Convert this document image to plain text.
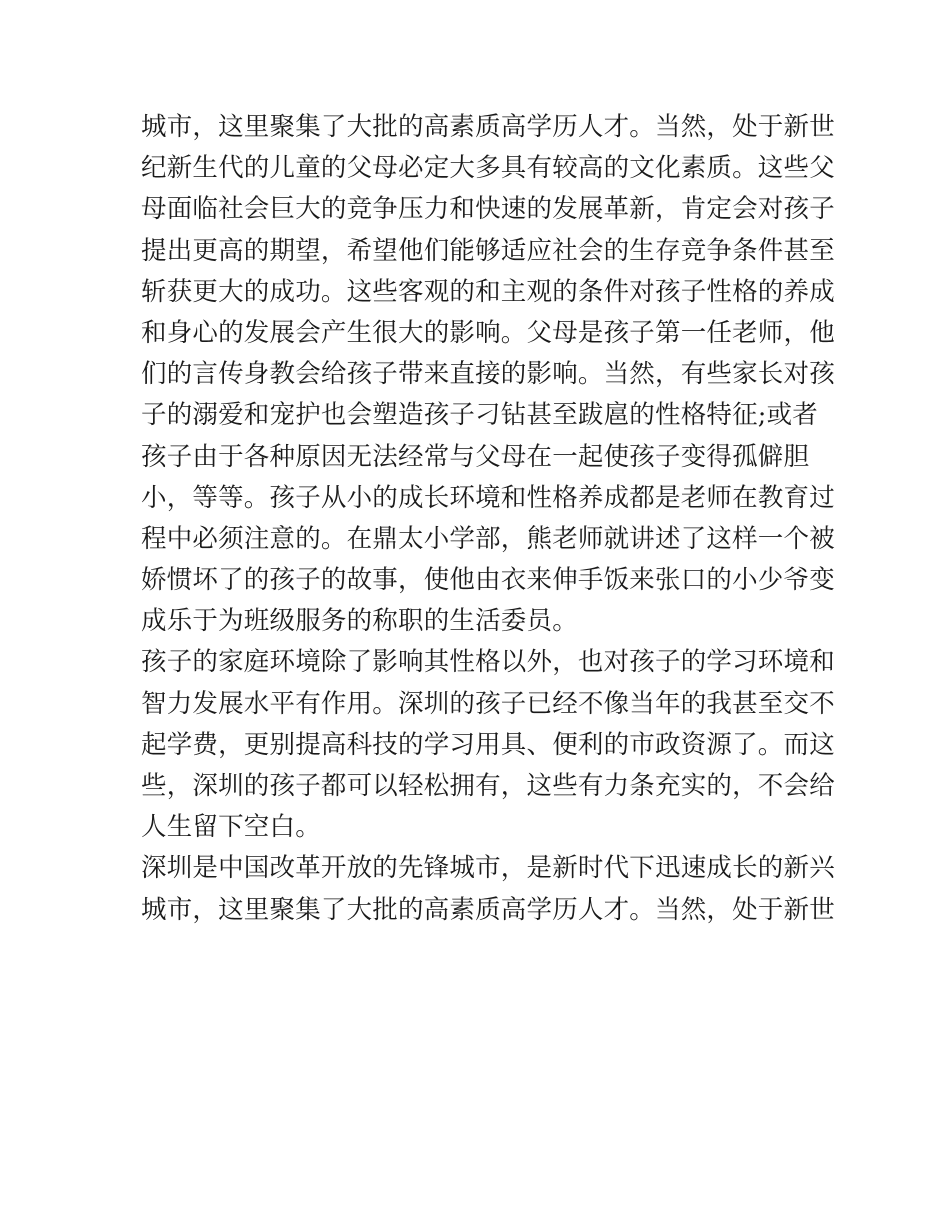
城市，这里聚集了大批的高素质高学历人才。当然，处于新世
纪新生代的儿童的父母必定大多具有较高的文化素质。这些父
母面临社会巨大的竞争压力和快速的发展革新，肯定会对孩子
提出更高的期望，希望他们能够适应社会的生存竞争条件甚至
斩获更大的成功。这些客观的和主观的条件对孩子性格的养成
和身心的发展会产生很大的影响。父母是孩子第一任老师，他
们的言传身教会给孩子带来直接的影响。当然，有些家长对孩
子的溺爱和宠护也会塑造孩子刁钻甚至跋扈的性格特征;或者
孩子由于各种原因无法经常与父母在一起使孩子变得孤僻胆
小，等等。孩子从小的成长环境和性格养成都是老师在教育过
程中必须注意的。在鼎太小学部，熊老师就讲述了这样一个被
娇惯坏了的孩子的故事，使他由衣来伸手饭来张口的小少爷变
成乐于为班级服务的称职的生活委员。
孩子的家庭环境除了影响其性格以外，也对孩子的学习环境和
智力发展水平有作用。深圳的孩子已经不像当年的我甚至交不
起学费，更别提高科技的学习用具、便利的市政资源了。而这
些，深圳的孩子都可以轻松拥有，这些有力条充实的，不会给
人生留下空白。
深圳是中国改革开放的先锋城市，是新时代下迅速成长的新兴
城市，这里聚集了大批的高素质高学历人才。当然，处于新世
